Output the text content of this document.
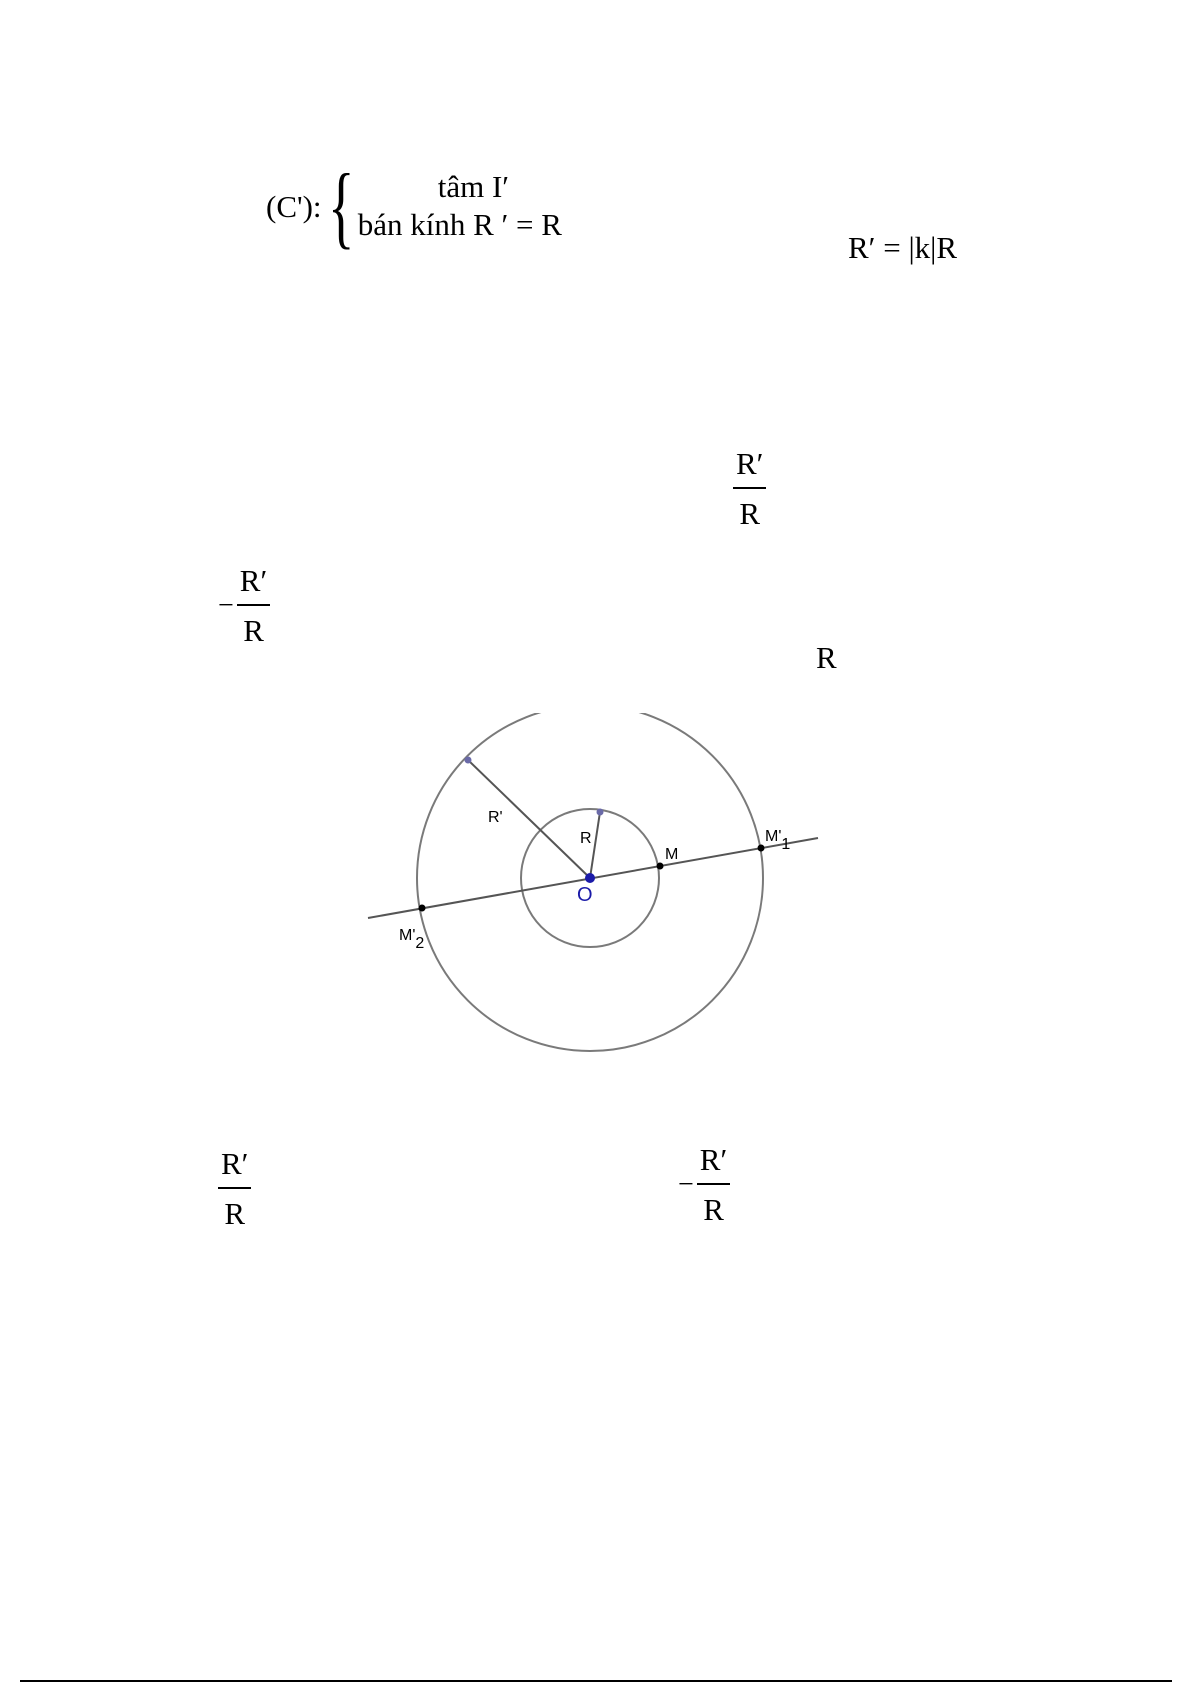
(C'): {	tâm I′
bán kính R ′ = R
R′ = |k|R
$\frac{R'}{R}$
− $\frac{R'}{R}$
R
R'
R
M
M'1
M'2
O
$\frac{R'}{R}$	− $\frac{R'}{R}$
